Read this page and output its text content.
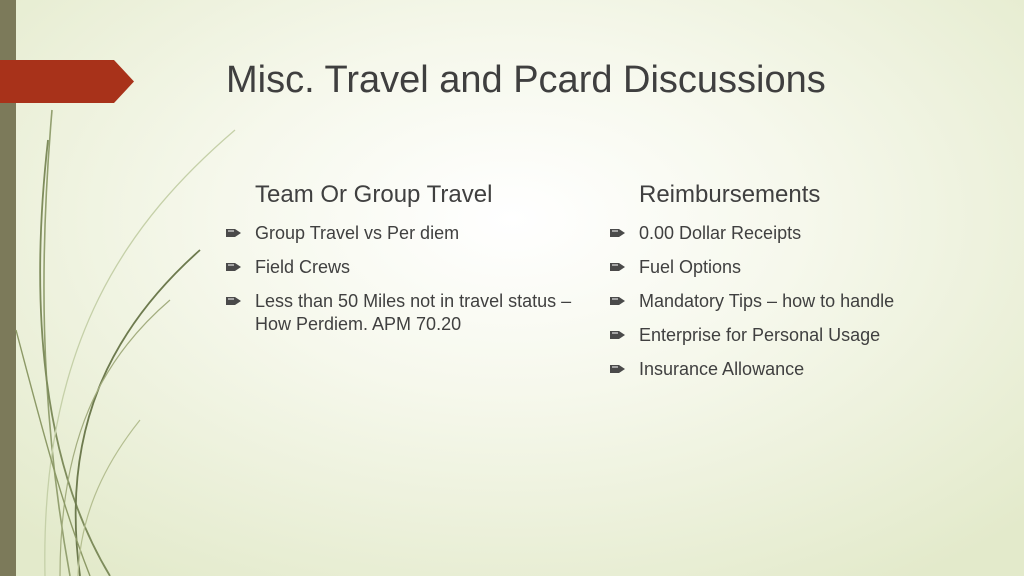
Misc. Travel and Pcard Discussions
Team Or Group Travel
Group Travel vs Per diem
Field Crews
Less than 50 Miles not in travel status – How Perdiem. APM 70.20
Reimbursements
0.00 Dollar Receipts
Fuel Options
Mandatory Tips – how to handle
Enterprise for Personal Usage
Insurance Allowance
